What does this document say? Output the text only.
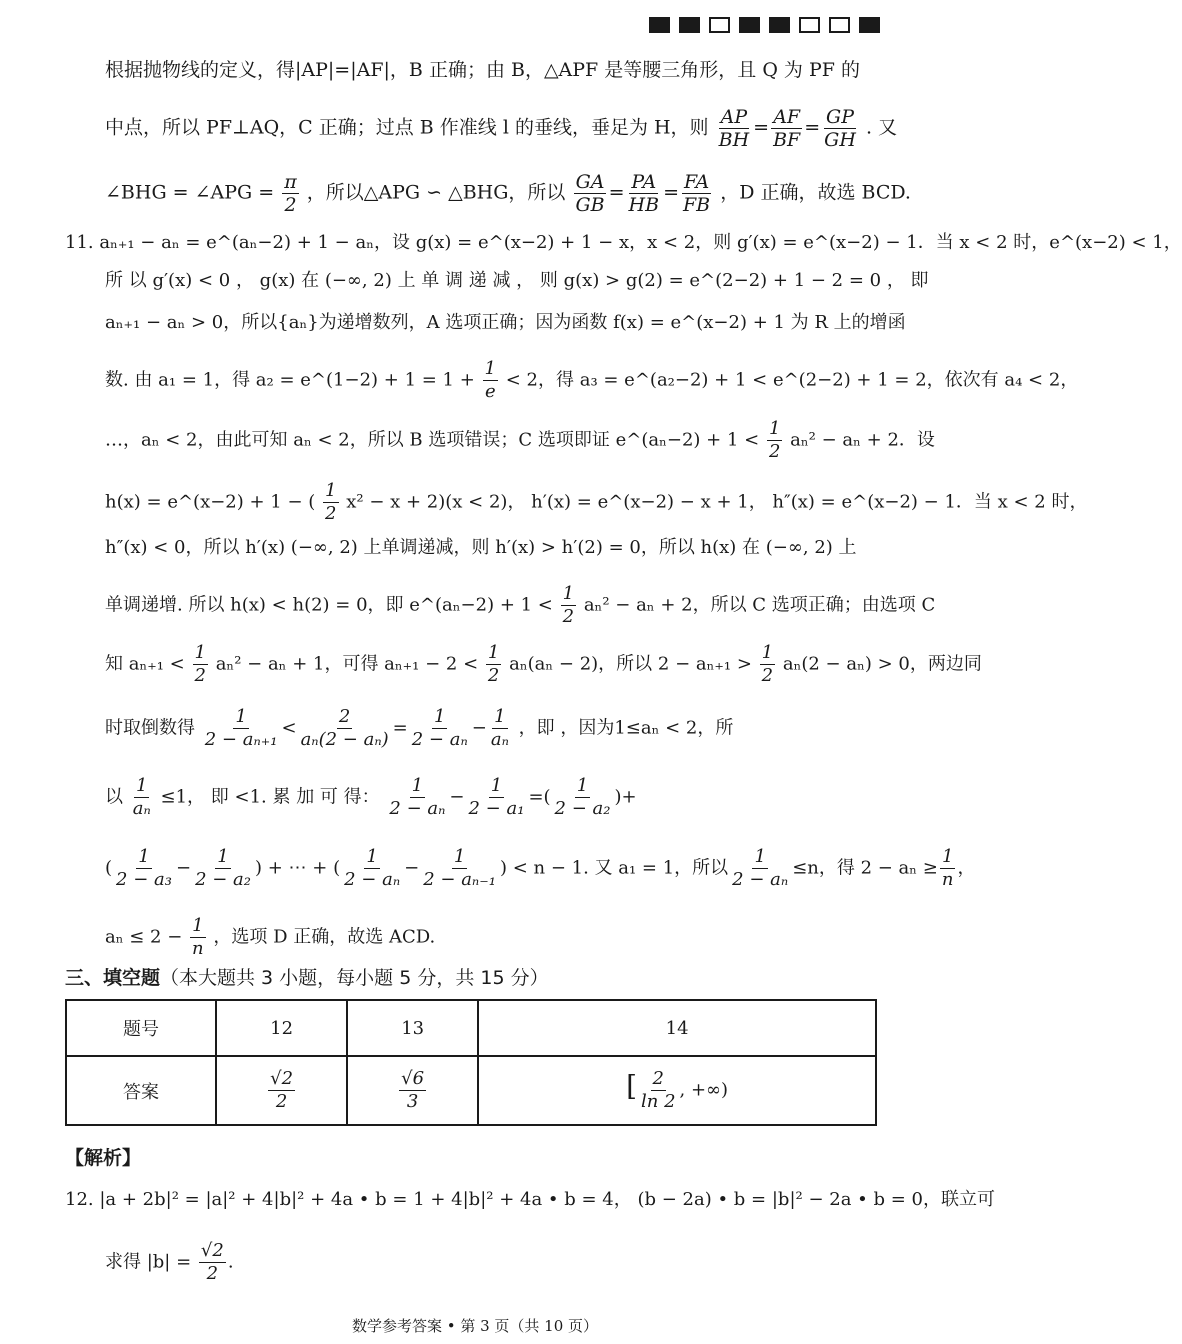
根据抛物线的定义，得|AP|=|AF|，B 正确；由 B，△APF 是等腰三角形，且 Q 为 PF 的
中点，所以 PF⊥AQ，C 正确；过点 B 作准线 l 的垂线，垂足为 H，则 $\frac{AP}{BH} = \frac{AF}{BF} = \frac{GP}{GH}$ . 又
∠BHG = ∠APG = $\frac{\pi}{2}$ ，所以△APG ∽ △BHG，所以 $\frac{GA}{GB} = \frac{PA}{HB} = \frac{FA}{FB}$ ，D 正确，故选 BCD.
11. aₙ₊₁ − aₙ = e^(aₙ−2) + 1 − aₙ，设 g(x) = e^(x−2) + 1 − x，x < 2，则 g′(x) = e^(x−2) − 1．当 x < 2 时，e^(x−2) < 1，
所 以 g′(x) < 0 ， g(x) 在 (−∞, 2) 上 单 调 递 减 ， 则 g(x) > g(2) = e^(2−2) + 1 − 2 = 0 ， 即
aₙ₊₁ − aₙ > 0，所以{aₙ}为递增数列，A 选项正确；因为函数 f(x) = e^(x−2) + 1 为 R 上的增函
数. 由 a₁ = 1，得 a₂ = e^(1−2) + $1 = 1 + \frac{1}{e} < 2$，得 a₃ = e^(a₂−2) + 1 < e^(2−2) + 1 = 2，依次有 a₄ < 2，
…，aₙ < 2，由此可知 aₙ < 2，所以 B 选项错误；C 选项即证 e^(aₙ−2) + $1 < \frac{1}{2} a_n^2 - a_n + 2$．设
h(x) = e^(x−2) + 1 − ( $\frac{1}{2} x^2 - x + 2)(x < 2)$， h′(x) = e^(x−2) − x + 1， h″(x) = e^(x−2) − 1．当 x < 2 时，
h″(x) < 0，所以 h′(x) (−∞, 2) 上单调递减，则 h′(x) > h′(2) = 0，所以 h(x) 在 (−∞, 2) 上
单调递增. 所以 h(x) < h(2) = 0，即 e^(aₙ−2) + $1 < \frac{1}{2} a_n^2 - a_n + 2$，所以 C 选项正确；由选项 C
知 $a_{n+1} < \frac{1}{2} a_n^2 - a_n + 1$，可得 $a_{n+1} - 2 < \frac{1}{2} a_n(a_n - 2)$，所以 $2 - a_{n+1} > \frac{1}{2} a_n(2 - a_n) > 0$，两边同
时取倒数得 $\frac{1}{\text{2 − aₙ₊₁}} < \frac{2}{\text{aₙ(2 − aₙ)}} = \frac{1}{\text{2 − aₙ}} - \frac{1}{\text{aₙ}}$ ，即 ，因为1≤aₙ < 2，所
以 $\frac{1}{\text{aₙ}} \le 1$， 即 <1. 累 加 可 得： $\frac{1}{\text{2 − aₙ}} - \frac{1}{\text{2 − a₁}}$ =( $\frac{1}{\text{2 − a₂}}$ )+
( $\frac{1}{\text{2 − a₃}} - \frac{1}{\text{2 − a₂}}$ ) + ⋯ + ( $\frac{1}{\text{2 − aₙ}} - \frac{1}{\text{2 − aₙ₋₁}}$ ) < n − 1. 又 a₁ = 1，所以 $\frac{1}{\text{2 − aₙ}} \le n$，得 $2 - a_n \ge \frac{1}{n}$ ，
$a_n \le 2 - \frac{1}{n}$ ，选项 D 正确，故选 ACD.
三、填空题（本大题共 3 小题，每小题 5 分，共 15 分）
题号	12	13	14
答案	$\frac{√2}{2}$	$\frac{√6}{3}$	[ $\frac{2}{\ln 2}$ , +∞)
【解析】
12. |a + 2b|² = |a|² + 4|b|² + 4a • b = 1 + 4|b|² + 4a • b = 4， (b − 2a) • b = |b|² − 2a • b = 0，联立可
求得 $|b| = \frac{√2}{2}$ .
数学参考答案 • 第 3 页（共 10 页）
